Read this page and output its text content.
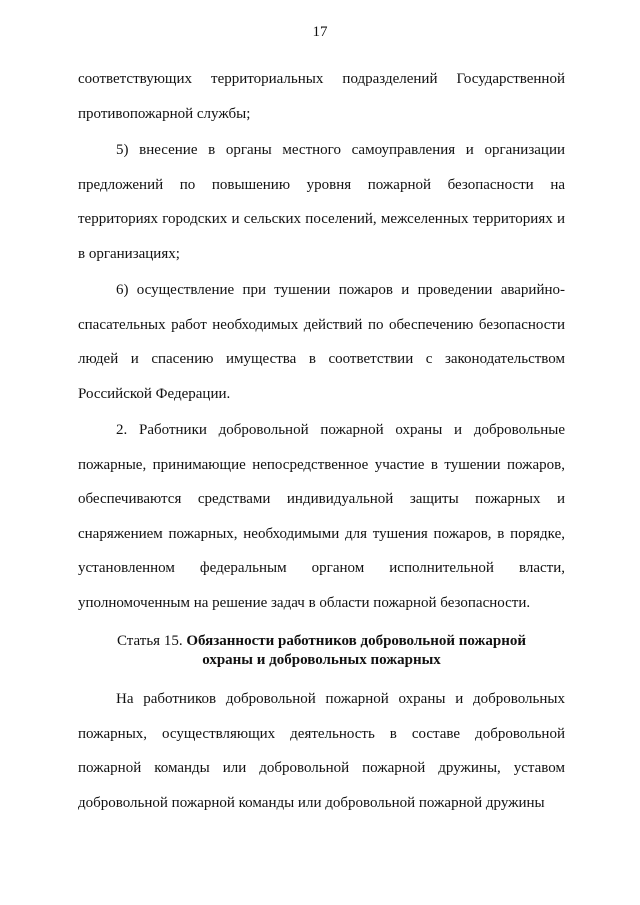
17

соответствующих территориальных подразделений Государственной противопожарной службы;

5) внесение в органы местного самоуправления и организации предложений по повышению уровня пожарной безопасности на территориях городских и сельских поселений, межселенных территориях и в организациях;

6) осуществление при тушении пожаров и проведении аварийно-спасательных работ необходимых действий по обеспечению безопасности людей и спасению имущества в соответствии с законодательством Российской Федерации.

2. Работники добровольной пожарной охраны и добровольные пожарные, принимающие непосредственное участие в тушении пожаров, обеспечиваются средствами индивидуальной защиты пожарных и снаряжением пожарных, необходимыми для тушения пожаров, в порядке, установленном федеральным органом исполнительной власти, уполномоченным на решение задач в области пожарной безопасности.

Статья 15. Обязанности работников добровольной пожарной
охраны и добровольных пожарных

На работников добровольной пожарной охраны и добровольных пожарных, осуществляющих деятельность в составе добровольной пожарной команды или добровольной пожарной дружины, уставом добровольной пожарной команды или добровольной пожарной дружины
